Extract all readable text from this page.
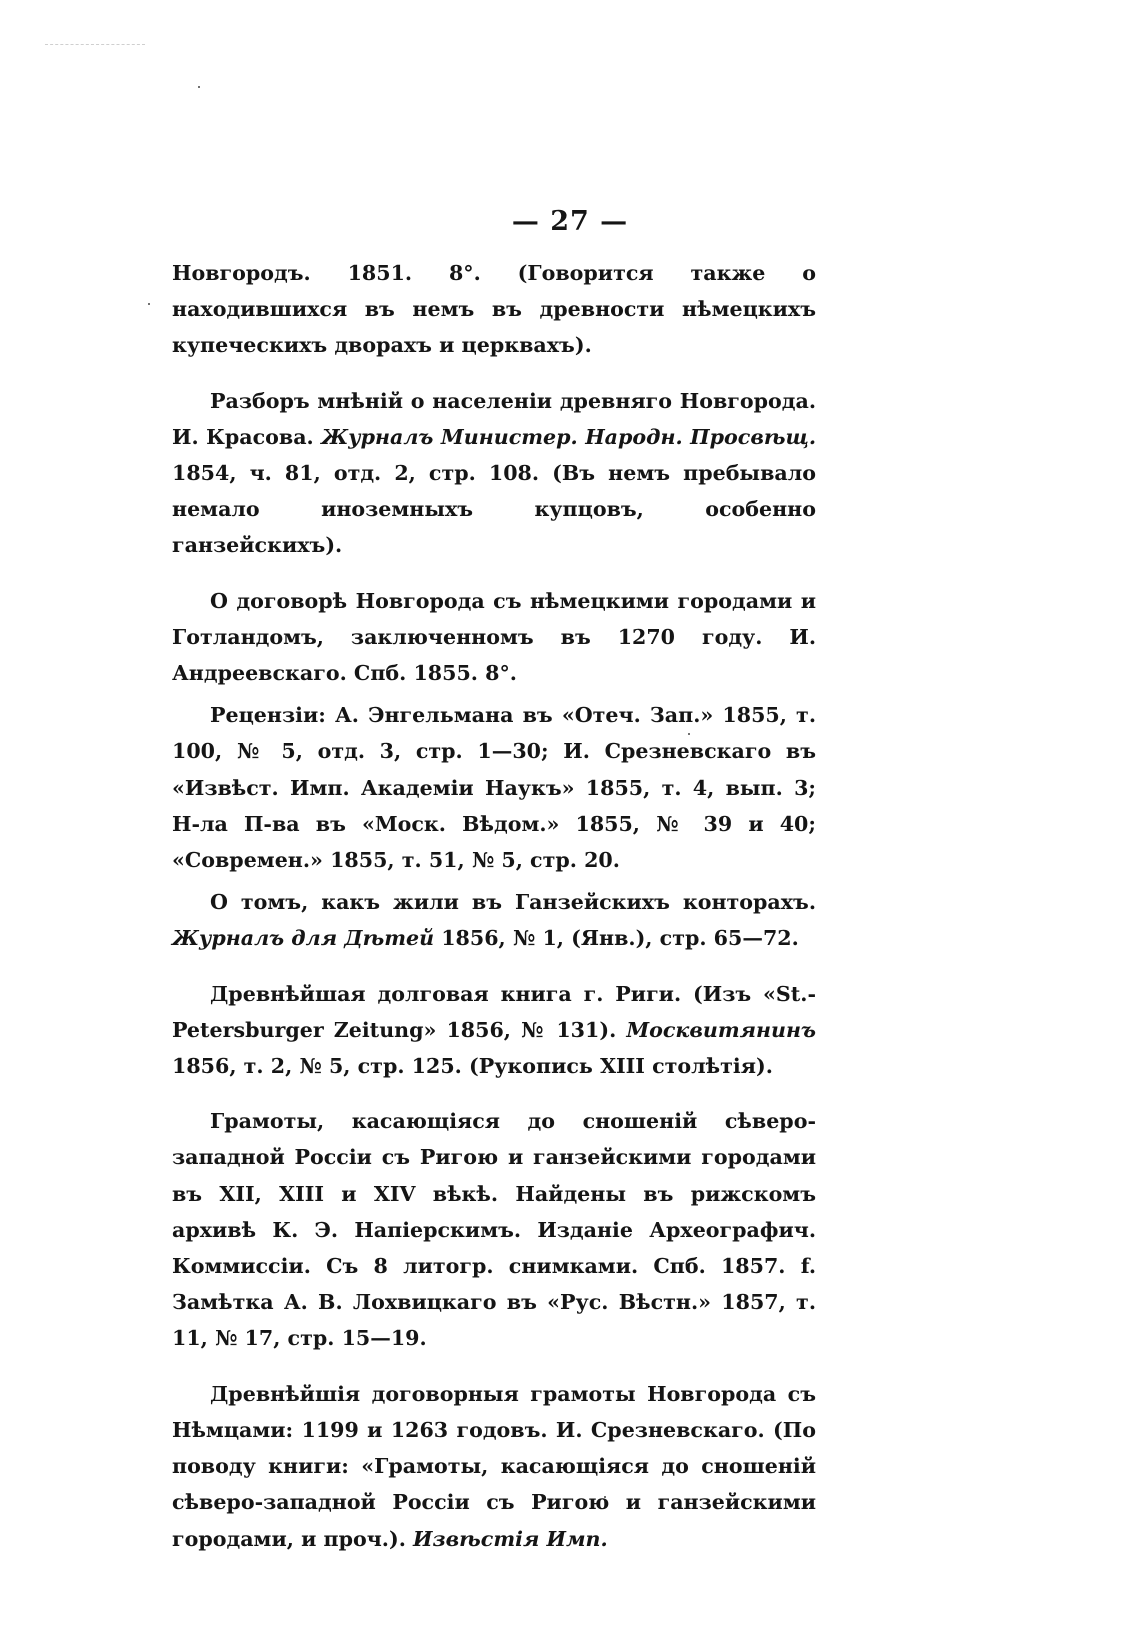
— 27 —

Новгородъ. 1851. 8°. (Говорится также о находившихся въ немъ въ древности нѣмецкихъ купеческихъ дворахъ и церквахъ).

Разборъ мнѣній о населеніи древняго Новгорода. И. Красова. Журналъ Министер. Народн. Просвѣщ. 1854, ч. 81, отд. 2, стр. 108. (Въ немъ пребывало немало иноземныхъ купцовъ, особенно ганзейскихъ).

О договорѣ Новгорода съ нѣмецкими городами и Готландомъ, заключенномъ въ 1270 году. И. Андреевскаго. Спб. 1855. 8°.

Рецензіи: А. Энгельмана въ «Отеч. Зап.» 1855, т. 100, № 5, отд. 3, стр. 1—30; И. Срезневскаго въ «Извѣст. Имп. Академіи Наукъ» 1855, т. 4, вып. 3; Н-ла П-ва въ «Моск. Вѣдом.» 1855, № 39 и 40; «Современ.» 1855, т. 51, № 5, стр. 20.

О томъ, какъ жили въ Ганзейскихъ конторахъ. Журналъ для Дѣтей 1856, № 1, (Янв.), стр. 65—72.

Древнѣйшая долговая книга г. Риги. (Изъ «St.-Petersburger Zeitung» 1856, № 131). Москвитянинъ 1856, т. 2, № 5, стр. 125. (Рукопись XIII столѣтія).

Грамоты, касающіяся до сношеній сѣверо-западной Россіи съ Ригою и ганзейскими городами въ XII, XIII и XIV вѣкѣ. Найдены въ рижскомъ архивѣ К. Э. Напіерскимъ. Изданіе Археографич. Коммиссіи. Съ 8 литогр. снимками. Спб. 1857. f. Замѣтка А. В. Лохвицкаго въ «Рус. Вѣстн.» 1857, т. 11, № 17, стр. 15—19.

Древнѣйшія договорныя грамоты Новгорода съ Нѣмцами: 1199 и 1263 годовъ. И. Срезневскаго. (По поводу книги: «Грамоты, касающіяся до сношеній сѣверо-западной Россіи съ Ригою и ганзейскими городами, и проч.). Извѣстія Имп.
